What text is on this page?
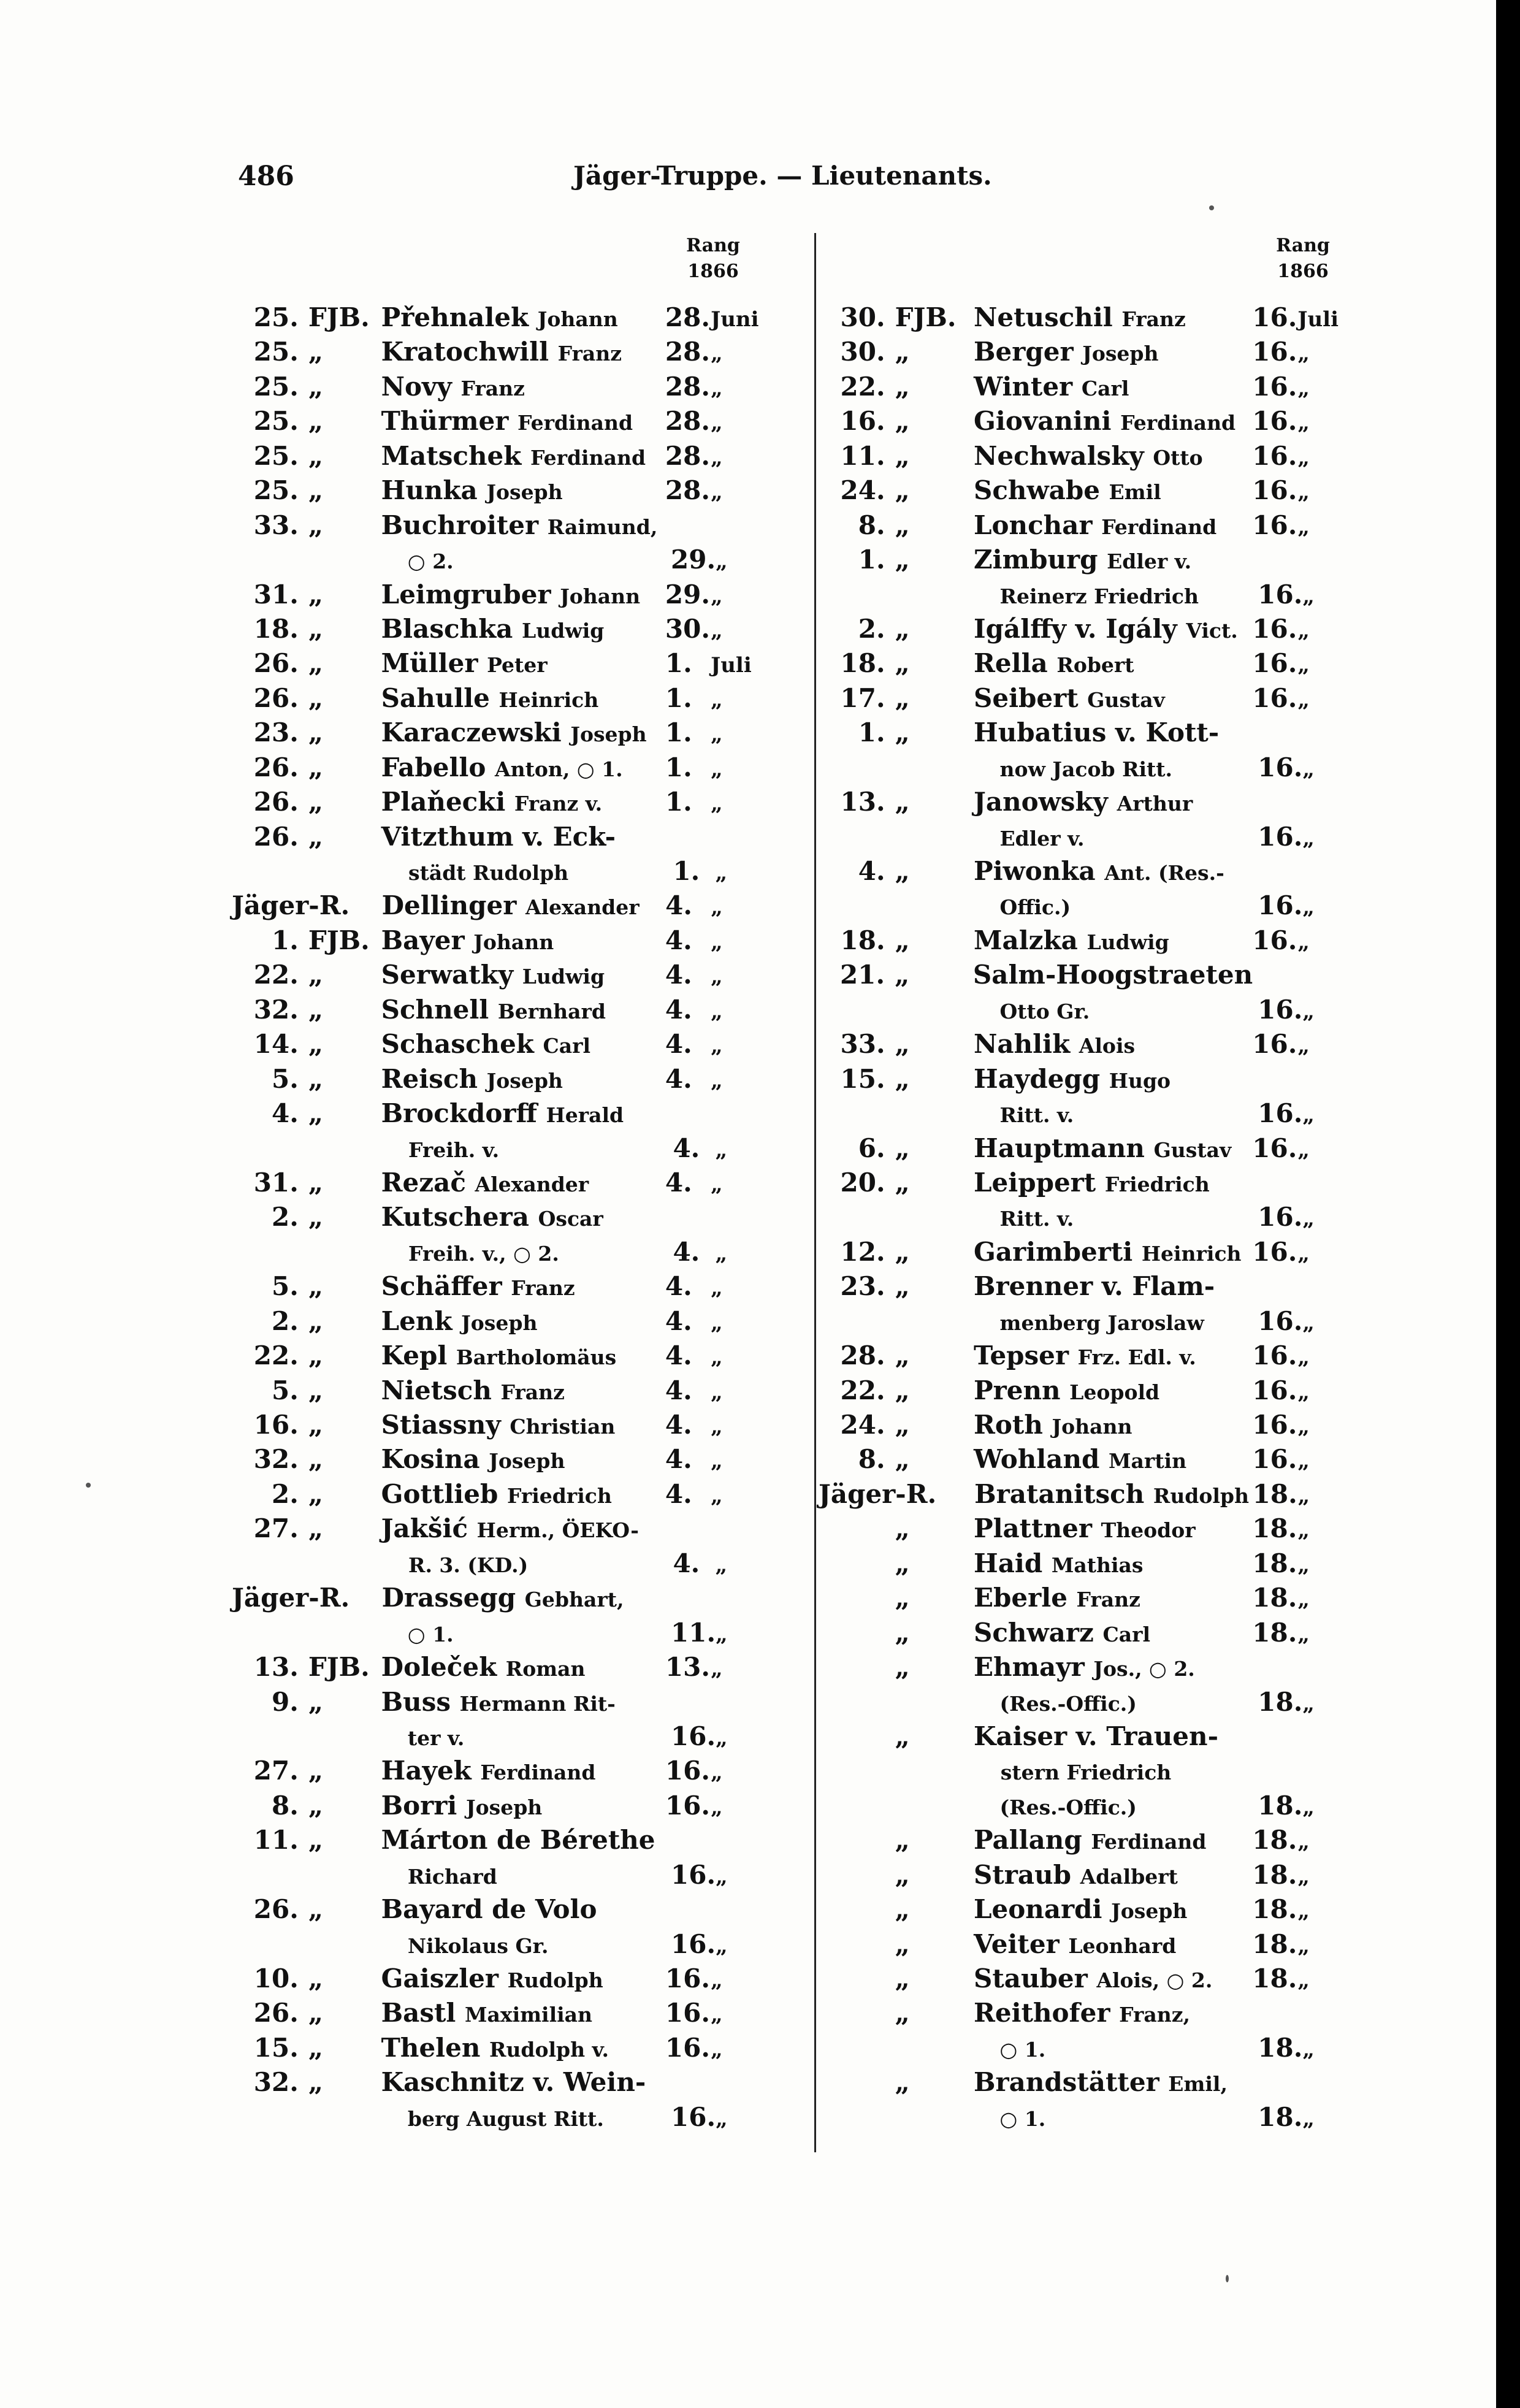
486	Jäger-Truppe. — Lieutenants.
Rang
1866
25. FJB. Přehnalek Johann	28. Juni
25. „	Kratochwill Franz	28. „
25. „	Novy Franz	28. „
25. „	Thürmer Ferdinand	28. „
25. „	Matschek Ferdinand 28. „
25. „	Hunka Joseph	28. „
33. „	Buchroiter Raimund,
○ 2.	29. „
31. „	Leimgruber Johann 29. „
18. „	Blaschka Ludwig	30. „
26. „	Müller Peter	1. Juli
26. „	Sahulle Heinrich	1. „
23. „	Karaczewski Joseph 1. „
26. „	Fabello Anton, ○ 1.	1. „
26. „	Plaňecki Franz v.	1. „
26. „	Vitzthum v. Eck-
städt Rudolph	1. „
Jäger-R. Dellinger Alexander	4. „
1. FJB. Bayer Johann	4. „
22. „	Serwatky Ludwig	4. „
32. „	Schnell Bernhard	4. „
14. „	Schaschek Carl	4. „
5. „	Reisch Joseph	4. „
4. „	Brockdorff Herald
Freih. v.	4. „
31. „	Rezač Alexander	4. „
2. „	Kutschera Oscar
Freih. v., ○ 2.	4. „
5. „	Schäffer Franz	4. „
2. „	Lenk Joseph	4. „
22. „	Kepl Bartholomäus	4. „
5. „	Nietsch Franz	4. „
16. „	Stiassny Christian	4. „
32. „	Kosina Joseph	4. „
2. „	Gottlieb Friedrich	4. „
27. „	Jakšić Herm., ÖEKO-
R. 3. (KD.)	4. „
Jäger-R. Drassegg Gebhart,
○ 1.	11. „
13. FJB. Doleček Roman	13. „
9. „	Buss Hermann Rit-
ter v.	16. „
27. „	Hayek Ferdinand	16. „
8. „	Borri Joseph	16. „
11. „	Márton de Bérethe
Richard	16. „
26. „	Bayard de Volo
Nikolaus Gr.	16. „
10. „	Gaiszler Rudolph	16. „
26. „	Bastl Maximilian	16. „
15. „	Thelen Rudolph v.	16. „
32. „	Kaschnitz v. Wein-
berg August Ritt.	16. „
Rang
1866
30. FJB. Netuschil Franz	16. Juli
30. „	Berger Joseph	16. „
22. „	Winter Carl	16. „
16. „	Giovanini Ferdinand 16. „
11. „	Nechwalsky Otto	16. „
24. „	Schwabe Emil	16. „
8. „	Lonchar Ferdinand	16. „
1. „	Zimburg Edler v.
Reinerz Friedrich	16. „
2. „	Igálffy v. Igály Vict. 16. „
18. „	Rella Robert	16. „
17. „	Seibert Gustav	16. „
1. „	Hubatius v. Kott-
now Jacob Ritt.	16. „
13. „	Janowsky Arthur
Edler v.	16. „
4. „	Piwonka Ant. (Res.-
Offic.)	16. „
18. „	Malzka Ludwig	16. „
21. „	Salm-Hoogstraeten
Otto Gr.	16. „
33. „	Nahlik Alois	16. „
15. „	Haydegg Hugo
Ritt. v.	16. „
6. „	Hauptmann Gustav 16. „
20. „	Leippert Friedrich
Ritt. v.	16. „
12. „	Garimberti Heinrich 16. „
23. „	Brenner v. Flam-
menberg Jaroslaw	16. „
28. „	Tepser Frz. Edl. v.	16. „
22. „	Prenn Leopold	16. „
24. „	Roth Johann	16. „
8. „	Wohland Martin	16. „
Jäger-R. Bratanitsch Rudolph 18. „
„	Plattner Theodor	18. „
„	Haid Mathias	18. „
„	Eberle Franz	18. „
„	Schwarz Carl	18. „
„	Ehmayr Jos., ○ 2.
(Res.-Offic.)	18. „
„	Kaiser v. Trauen-
stern Friedrich
(Res.-Offic.)	18. „
„	Pallang Ferdinand	18. „
„	Straub Adalbert	18. „
„	Leonardi Joseph	18. „
„	Veiter Leonhard	18. „
„	Stauber Alois, ○ 2.	18. „
„	Reithofer Franz,
○ 1.	18. „
„	Brandstätter Emil,
○ 1.	18. „
